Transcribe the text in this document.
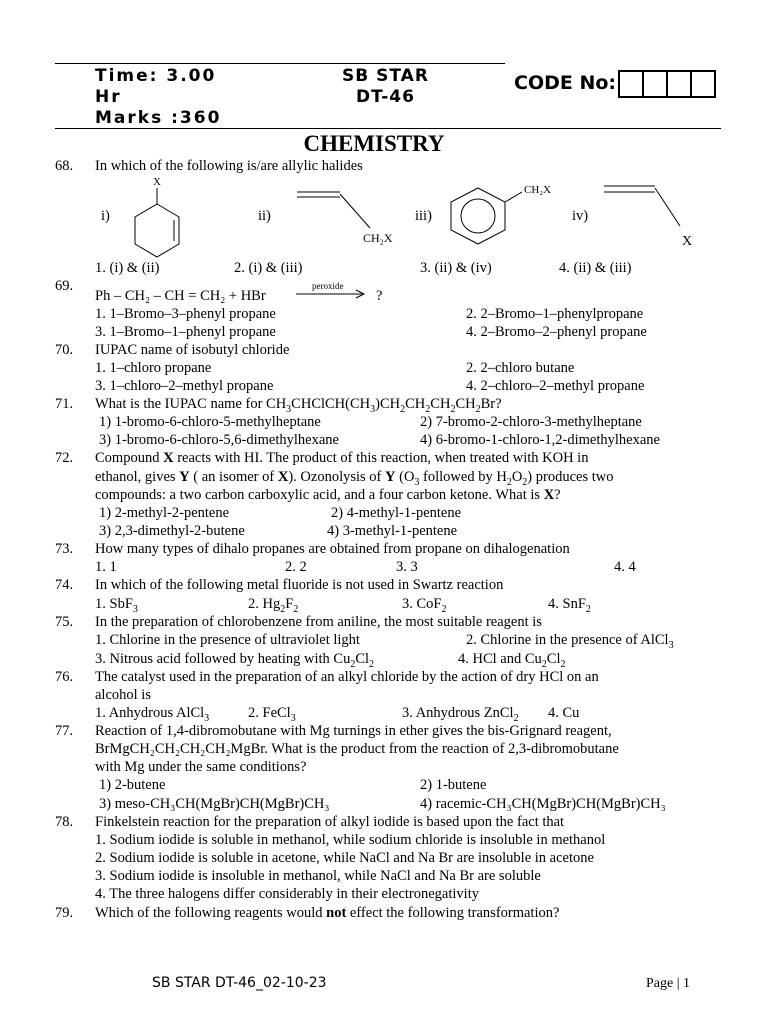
Time: 3.00
Hr
Marks :360
SB STAR
DT-46
CODE No:
CHEMISTRY
68. In which of the following is/are allylic halides
i)	ii)	iii)	iv)
X
CH₂X
CH₂X
X
1. (i) & (ii)	2. (i) & (iii)	3. (ii) & (iv)	4. (ii) & (iii)
69.
Ph – CH₂ – CH = CH₂ + HBr
peroxide
?
1. 1–Bromo–3–phenyl propane	2. 2–Bromo–1–phenylpropane
3. 1–Bromo–1–phenyl propane	4. 2–Bromo–2–phenyl propane
70. IUPAC name of isobutyl chloride
1. 1–chloro propane	2. 2–chloro butane
3. 1–chloro–2–methyl propane	4. 2–chloro–2–methyl propane
71. What is the IUPAC name for $CH_3CHClCH(CH_3)CH_2CH_2CH_2CH_2Br$?
1) 1-bromo-6-chloro-5-methylheptane	2) 7-bromo-2-chloro-3-methylheptane
3) 1-bromo-6-chloro-5,6-dimethylhexane	4) 6-bromo-1-chloro-1,2-dimethylhexane
72. Compound X reacts with HI. The product of this reaction, when treated with KOH in
ethanol, gives Y ( an isomer of X). Ozonolysis of Y ($O_3$ followed by $H_2O_2$) produces two
compounds: a two carbon carboxylic acid, and a four carbon ketone. What is X?
1) 2-methyl-2-pentene	2) 4-methyl-1-pentene
3) 2,3-dimethyl-2-butene	4) 3-methyl-1-pentene
73. How many types of dihalo propanes are obtained from propane on dihalogenation
1. 1	2. 2	3. 3	4. 4
74. In which of the following metal fluoride is not used in Swartz reaction
1. SbF$_3$	2. $Hg_2F_2$	3. CoF$_2$	4. SnF$_2$
75. In the preparation of chlorobenzene from aniline, the most suitable reagent is
1. Chlorine in the presence of ultraviolet light	2. Chlorine in the presence of AlCl$_3$
3. Nitrous acid followed by heating with $Cu_2Cl_2$	4. HCl and $Cu_2Cl_2$
76. The catalyst used in the preparation of an alkyl chloride by the action of dry HCl on an
alcohol is
1. Anhydrous AlCl$_3$	2. FeCl$_3$	3. Anhydrous ZnCl$_2$ 4. Cu
77. Reaction of 1,4-dibromobutane with Mg turnings in ether gives the bis-Grignard reagent,
BrMgCH₂CH₂CH₂CH₂MgBr. What is the product from the reaction of 2,3-dibromobutane
with Mg under the same conditions?
1) 2-butene	2) 1-butene
3) meso-CH₃CH(MgBr)CH(MgBr)CH₃	4) racemic-CH₃CH(MgBr)CH(MgBr)CH₃
78. Finkelstein reaction for the preparation of alkyl iodide is based upon the fact that
1. Sodium iodide is soluble in methanol, while sodium chloride is insoluble in methanol
2. Sodium iodide is soluble in acetone, while NaCl and Na Br are insoluble in acetone
3. Sodium iodide is insoluble in methanol, while NaCl and Na Br are soluble
4. The three halogens differ considerably in their electronegativity
79. Which of the following reagents would not effect the following transformation?
SB STAR DT-46_02-10-23	Page | 1
